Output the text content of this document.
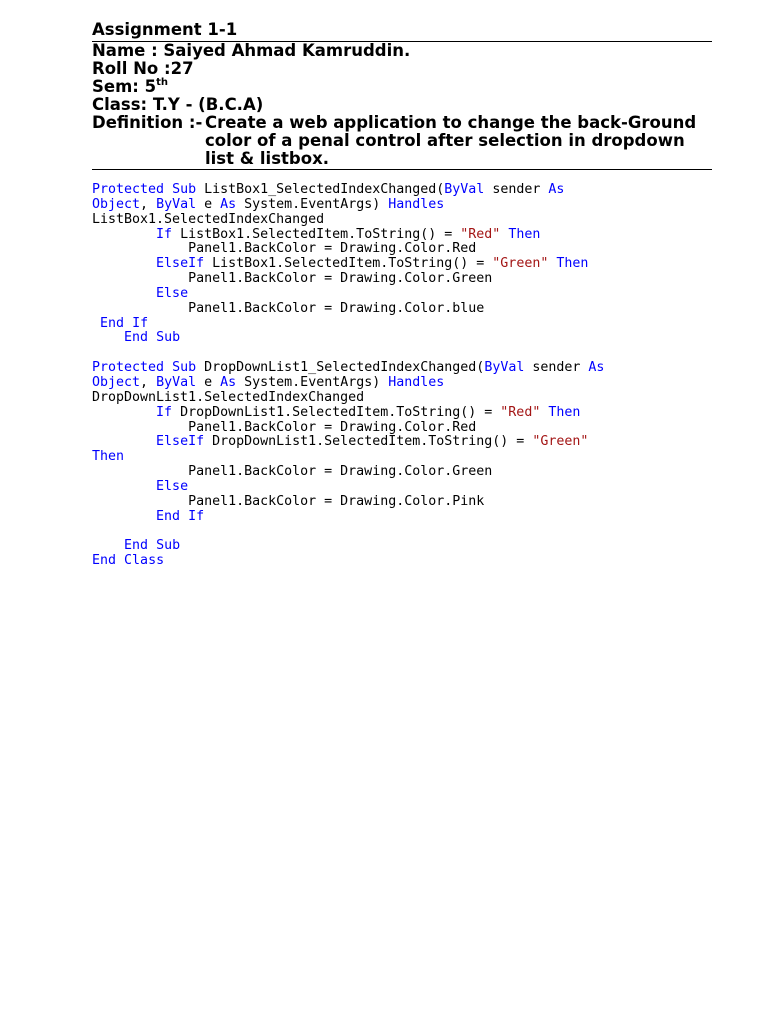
Assignment 1-1
Name : Saiyed Ahmad Kamruddin.
Roll No :27
Sem: 5th
Class: T.Y - (B.C.A)
Definition :- Create a web application to change the back-Ground color of a penal control after selection in dropdown list & listbox.
Protected Sub ListBox1_SelectedIndexChanged(ByVal sender As
Object, ByVal e As System.EventArgs) Handles
ListBox1.SelectedIndexChanged
If ListBox1.SelectedItem.ToString() = "Red" Then
Panel1.BackColor = Drawing.Color.Red
ElseIf ListBox1.SelectedItem.ToString() = "Green" Then
Panel1.BackColor = Drawing.Color.Green
Else
Panel1.BackColor = Drawing.Color.blue
End If
End Sub
Protected Sub DropDownList1_SelectedIndexChanged(ByVal sender As
Object, ByVal e As System.EventArgs) Handles
DropDownList1.SelectedIndexChanged
If DropDownList1.SelectedItem.ToString() = "Red" Then
Panel1.BackColor = Drawing.Color.Red
ElseIf DropDownList1.SelectedItem.ToString() = "Green"
Then
Panel1.BackColor = Drawing.Color.Green
Else
Panel1.BackColor = Drawing.Color.Pink
End If
End Sub
End Class
